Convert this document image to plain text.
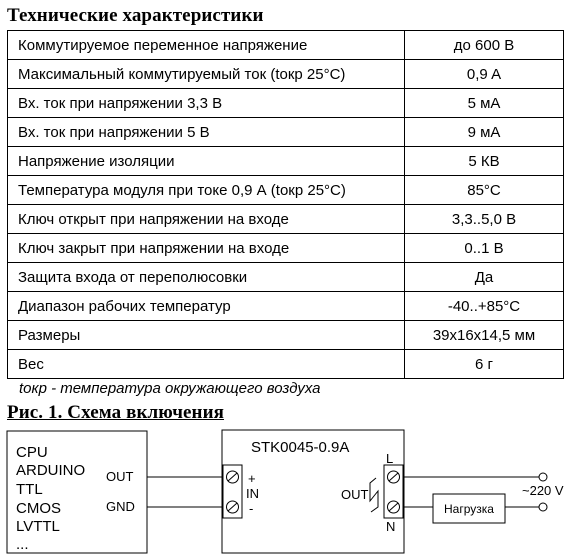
Технические характеристики
Коммутируемое переменное напряжение	до 600 В
Максимальный коммутируемый ток (tокр 25°C)	0,9 A
Вх. ток при напряжении 3,3 В	5 мА
Вх. ток при напряжении 5 В	9 мА
Напряжение изоляции	5 КВ
Температура модуля при токе 0,9 А (tокр 25°C)	85°C
Ключ открыт при напряжении на входе	3,3..5,0 В
Ключ закрыт при напряжении на входе	0..1 В
Защита входа от переполюсовки	Да
Диапазон рабочих температур	-40..+85°C
Размеры	39x16x14,5 мм
Вес	6 г
tокр - температура окружающего воздуха
Рис. 1. Схема включения
CPU
ARDUINO
TTL
CMOS
LVTTL
...
OUT
GND
STK0045-0.9A
+
IN
-
OUT
L
N
Нагрузка
~220 V
